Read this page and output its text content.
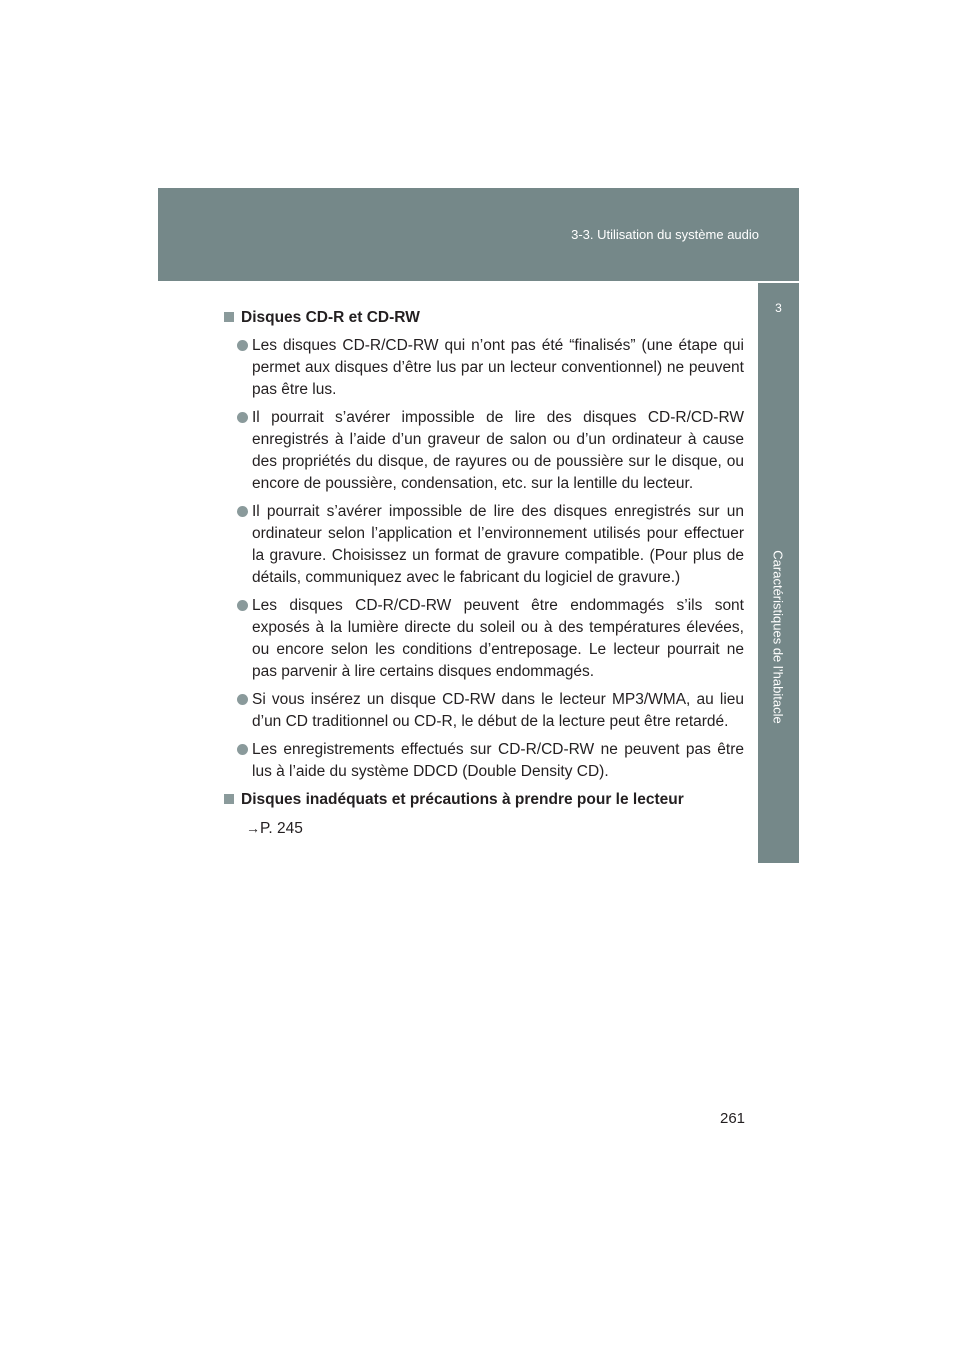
3-3. Utilisation du système audio
3
Caractéristiques de l’habitacle
Disques CD-R et CD-RW
Les disques CD-R/CD-RW qui n’ont pas été “finalisés” (une étape qui permet aux disques d’être lus par un lecteur conventionnel) ne peuvent pas être lus.
Il pourrait s’avérer impossible de lire des disques CD-R/CD-RW enregistrés à l’aide d’un graveur de salon ou d’un ordinateur à cause des propriétés du disque, de rayures ou de poussière sur le disque, ou encore de poussière, condensation, etc. sur la lentille du lecteur.
Il pourrait s’avérer impossible de lire des disques enregistrés sur un ordinateur selon l’application et l’environnement utilisés pour effectuer la gravure. Choisissez un format de gravure compatible. (Pour plus de détails, communiquez avec le fabricant du logiciel de gravure.)
Les disques CD-R/CD-RW peuvent être endommagés s’ils sont exposés à la lumière directe du soleil ou à des températures élevées, ou encore selon les conditions d’entreposage. Le lecteur pourrait ne pas parvenir à lire certains disques endommagés.
Si vous insérez un disque CD-RW dans le lecteur MP3/WMA, au lieu d’un CD traditionnel ou CD-R, le début de la lecture peut être retardé.
Les enregistrements effectués sur CD-R/CD-RW ne peuvent pas être lus à l’aide du système DDCD (Double Density CD).
Disques inadéquats et précautions à prendre pour le lecteur
→P. 245
261
